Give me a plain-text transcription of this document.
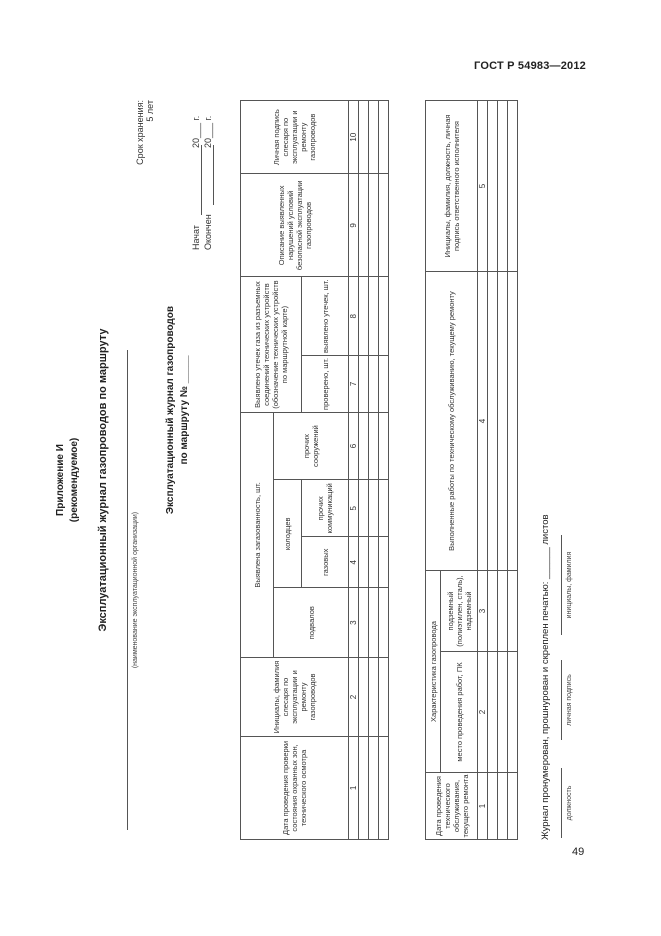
ГОСТ Р 54983—2012
49
Приложение И (рекомендуемое) Эксплуатационный журнал газопроводов по маршруту	(наименование эксплуатационной организации)
Эксплуатационный журнал газопроводов по маршруту № _____
Срок хранения: 5 лет
Начат
20___ г.
Окончен
20___ г.
Дата проведения проверки состояния охранных зон, технического осмотра	Инициалы, фамилия слесаря по эксплуатации и ремонту газопроводов	Выявлена загазованность, шт.				Выявлено утечек газа из разъемных соединений технических устройств (обозначение технических устройств по маршрутной карте)		Описание выявленных нарушений условий безопасной эксплуатации газопроводов	Личная подпись слесаря по эксплуатации и ремонту газопроводов
		подвалов	колодцев		прочих сооружений				
			газовых	прочих коммуникаций		проверено, шт.	выявлено утечек, шт.		
1	2	3	4	5	6	7	8	9	10

Дата проведения технического обслуживания, текущего ремонта	Характеристика газопровода		Выполненные работы по техническому обслуживанию, текущему ремонту	Инициалы, фамилия, должность, личная подпись ответственного исполнителя
	место проведения работ, ПК	подземный (полиэтилен, сталь), надземный		
1	2	3	4	5

Журнал пронумерован, прошнурован и скреплен печатью: ______ листов должность
личная подпись
инициалы, фамилия
